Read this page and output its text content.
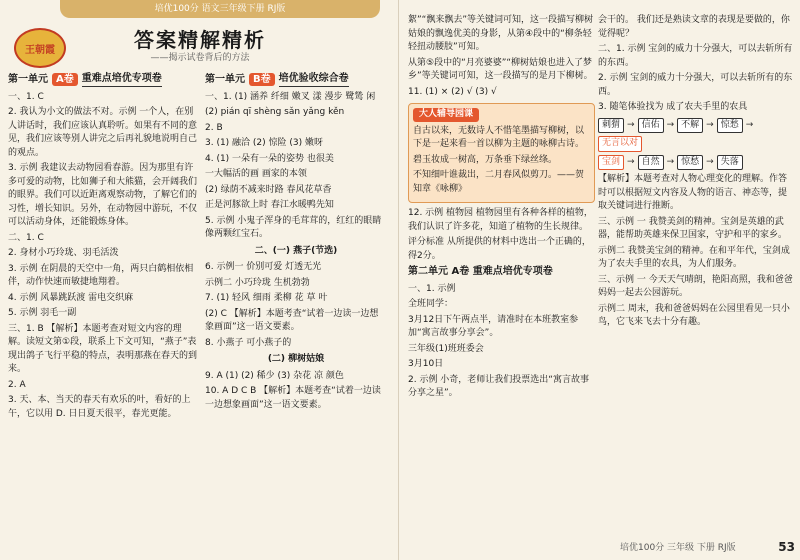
培优100分 语文三年级下册 RJ版
王朝霞	答案精解精析
——揭示试卷背后的方法
第一单元 A卷 重难点培优专项卷

一、1. C

2. 我认为小文的做法不对。示例 一个人，在别人讲话时，我们应该认真聆听。如果有不同的意见，我们应该等别人讲完之后再礼貌地说明自己的观点。

3. 示例 我建议去动物园看春游。因为那里有许多可爱的动物，比如狮子和大熊猫，会开阔我们的眼界。我们可以近距离观察动物，了解它们的习性，增长知识。另外，在动物园中游玩，不仅可以活动身体，还能锻炼身体。

二、1. C

2. 身材小巧玲珑、羽毛活泼

3. 示例 在阴晨的天空中一角，两只白鹤相依相伴，动作快速而敏捷地翔着。

4. 示例 风暴跳跃渡 雷电交织麻

5. 示例 羽毛一副

三、1. B 【解析】本题考查对短文内容的理解。读短文第①段，联系上下文可知，“燕子”表现出鸽子飞行平稳的特点，表明那燕在春天的到来。

2. A

3. 天、本、当天的春天有欢乐的叶，看好的上午，它以用 D. 日日夏天很平，春光更能。

第一单元 B卷 培优验收综合卷

一、1. (1) 涵养 纤细 嫩叉 漾 漫步 鹭鸶 闲

(2) pián qī shèng sǎn yǎng kěn

2. B

3. (1) 融洽 (2) 惊险 (3) 嫩呀

4. (1) 一朵有一朵的姿势 也很美

一大幅活的画 画家的本领

(2) 绿荫不减来时路 春风花草香

正是河豚欲上时 春江水暖鸭先知

5. 示例 小鬼子浑身的毛茸茸的，红红的眼睛像两颗红宝石。

二、(一) 燕子(节选)

6. 示例一 价别可爱 灯透无光

示例二 小巧玲珑 生机勃勃

7. (1) 轻风 细雨 柔柳 花 草 叶

(2) C 【解析】本题考查“试着一边读一边想象画面”这一语文要素。

8. 小燕子 可小燕子的

(二) 柳树姑娘

9. A (1) (2) 稀少 (3) 杂花 凉 颜色

10. A D C B 【解析】本题考查“试着一边读一边想象画面”这一语文要素。

絮”“飘来飘去”等关键词可知，这一段描写柳树姑娘的飘逸优美的身影，从第④段中的“柳条轻轻扭动腰肢”可知。

从第⑤段中的“月亮婆婆”“柳树姑娘也进入了梦乡”等关键词可知，这一段描写的是月下柳树。

11. (1) × (2) √ (3) √

大人辅导园课

自古以来，无数诗人不惜笔墨描写柳树，以下是一起来看一首以柳为主题的咏柳古诗。

碧玉妆成一树高，万条垂下绿丝绦。

不知细叶谁裁出，二月春风似剪刀。——贺知章《咏柳》

12. 示例 植物园 植物园里有各种各样的植物，我们认识了许多花，知道了植物的生长规律。

评分标准 从所提供的材料中选出一个正确的，得2分。

第二单元 A卷 重难点培优专项卷

一、1. 示例

全班同学：

3月12日下午两点半，请准时在本班教室参加“寓言故事分享会”。

三年级(1)班班委会

3月10日

2. 示例 小奇，老师让我们投票选出“寓言故事分享之星”。

会干的。 我们还是熟读文章的表现是要做的，你觉得呢？

二、1. 示例 宝剑的威力十分强大，可以去斩所有的东西。

2. 示例 宝剑的威力十分强大，可以去斩所有的东西。

3. 随笔体验找为 成了农夫手里的农具

刺猬 → 信佑 → 不解 → 惊愁 →
无言以对
宝剑 → 自然 → 惊愁 → 失落

【解析】本题考查对人物心理变化的理解。作答时可以根据短文内容及人物的语言、神态等，提取关键词进行推断。

三、示例 一 我赞美剑的精神。宝剑是英雄的武器，能帮助英雄来保卫国家，守护和平的家乡。

示例二 我赞美宝剑的精神。在和平年代，宝剑成为了农夫手里的农具，为人们服务。

三、示例 一 今天天气晴朗，艳阳高照，我和爸爸妈妈一起去公园游玩。

示例二 周末，我和爸爸妈妈在公园里看见一只小鸟，它飞来飞去十分有趣。

培优100分 三年级 下册 RJ版	53
